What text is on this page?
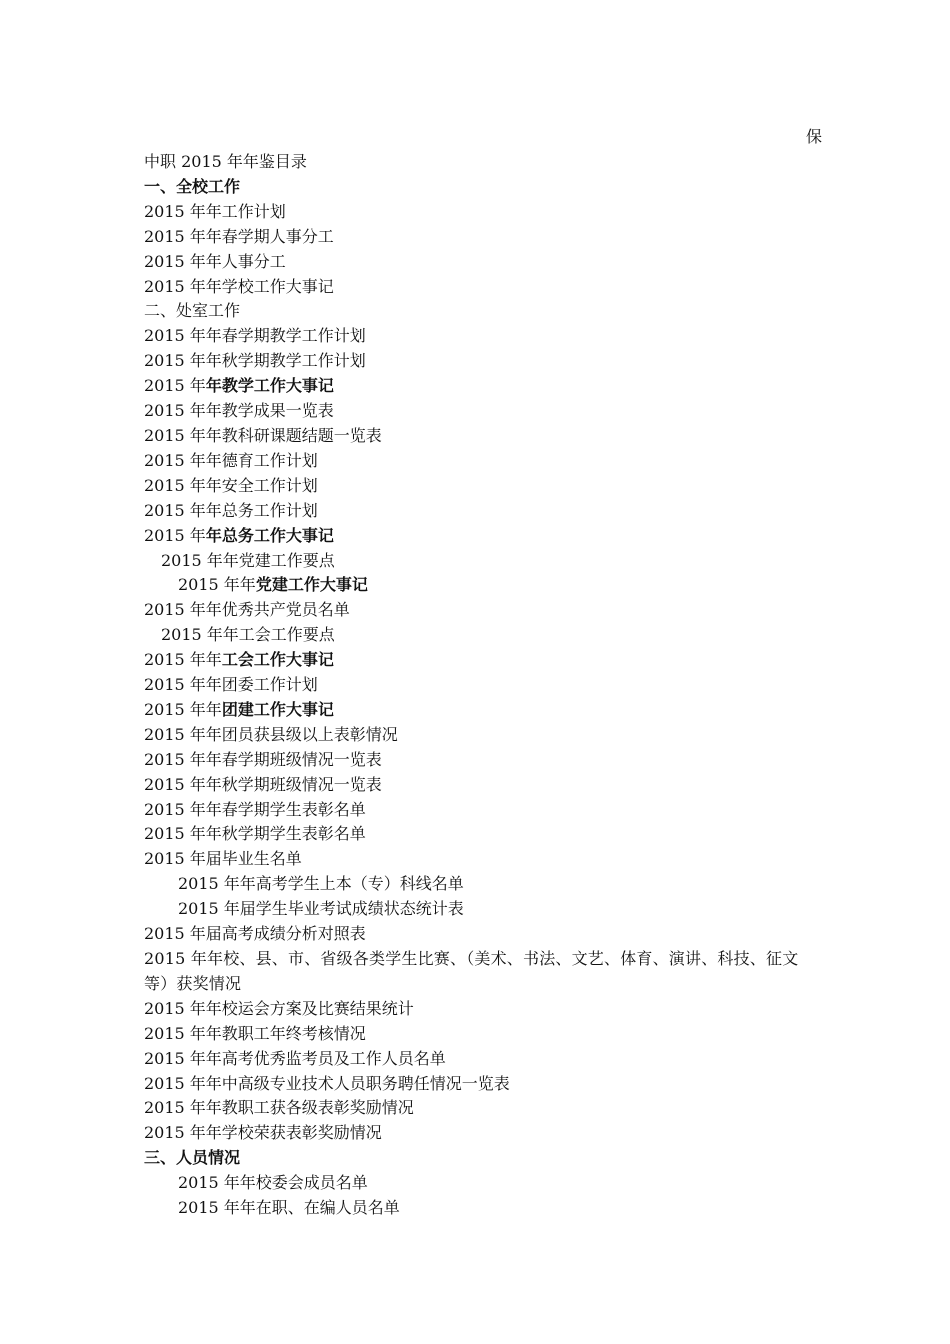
保
中职 2015 年年鉴目录
一、全校工作
2015 年年工作计划
2015 年年春学期人事分工
2015 年年人事分工
2015 年年学校工作大事记
二、处室工作
2015 年年春学期教学工作计划
2015 年年秋学期教学工作计划
2015 年年教学工作大事记
2015 年年教学成果一览表
2015 年年教科研课题结题一览表
2015 年年德育工作计划
2015 年年安全工作计划
2015 年年总务工作计划
2015 年年总务工作大事记
2015 年年党建工作要点
2015 年年党建工作大事记
2015 年年优秀共产党员名单
2015 年年工会工作要点
2015 年年工会工作大事记
2015 年年团委工作计划
2015 年年团建工作大事记
2015 年年团员获县级以上表彰情况
2015 年年春学期班级情况一览表
2015 年年秋学期班级情况一览表
2015 年年春学期学生表彰名单
2015 年年秋学期学生表彰名单
2015 年届毕业生名单
2015 年年高考学生上本（专）科线名单
2015 年届学生毕业考试成绩状态统计表
2015 年届高考成绩分析对照表
2015 年年校、县、市、省级各类学生比赛、（美术、书法、文艺、体育、演讲、科技、征文等）获奖情况
2015 年年校运会方案及比赛结果统计
2015 年年教职工年终考核情况
2015 年年高考优秀监考员及工作人员名单
2015 年年中高级专业技术人员职务聘任情况一览表
2015 年年教职工获各级表彰奖励情况
2015 年年学校荣获表彰奖励情况
三、人员情况
2015 年年校委会成员名单
2015 年年在职、在编人员名单
